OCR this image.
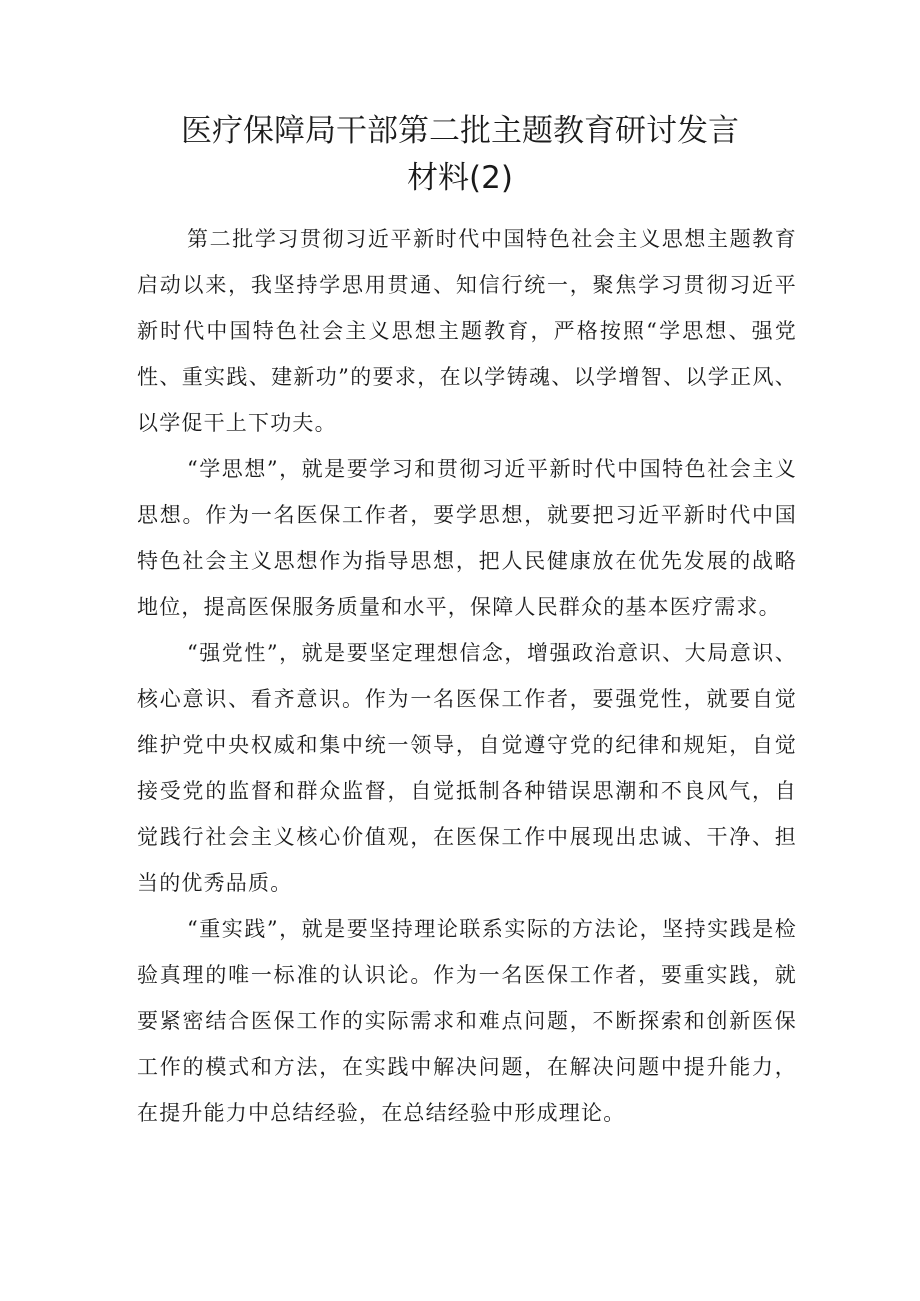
医疗保障局干部第二批主题教育研讨发言
材料(2)

第二批学习贯彻习近平新时代中国特色社会主义思想主题教育启动以来，我坚持学思用贯通、知信行统一，聚焦学习贯彻习近平新时代中国特色社会主义思想主题教育，严格按照“学思想、强党性、重实践、建新功”的要求，在以学铸魂、以学增智、以学正风、以学促干上下功夫。

“学思想”，就是要学习和贯彻习近平新时代中国特色社会主义思想。作为一名医保工作者，要学思想，就要把习近平新时代中国特色社会主义思想作为指导思想，把人民健康放在优先发展的战略地位，提高医保服务质量和水平，保障人民群众的基本医疗需求。

“强党性”，就是要坚定理想信念，增强政治意识、大局意识、核心意识、看齐意识。作为一名医保工作者，要强党性，就要自觉维护党中央权威和集中统一领导，自觉遵守党的纪律和规矩，自觉接受党的监督和群众监督，自觉抵制各种错误思潮和不良风气，自觉践行社会主义核心价值观，在医保工作中展现出忠诚、干净、担当的优秀品质。

“重实践”，就是要坚持理论联系实际的方法论，坚持实践是检验真理的唯一标准的认识论。作为一名医保工作者，要重实践，就要紧密结合医保工作的实际需求和难点问题，不断探索和创新医保工作的模式和方法，在实践中解决问题，在解决问题中提升能力，在提升能力中总结经验，在总结经验中形成理论。
